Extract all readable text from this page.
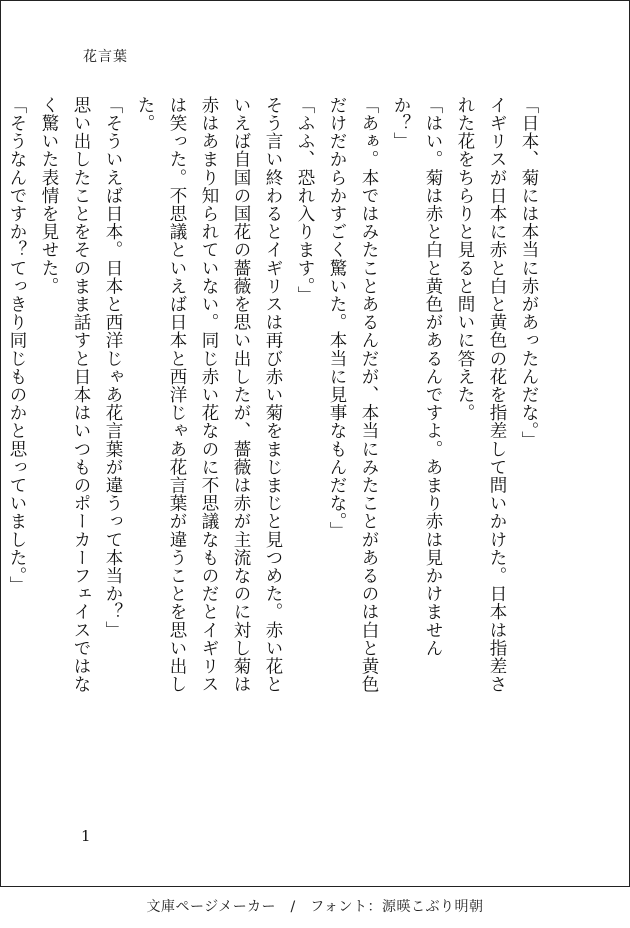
花言葉
「日本、菊には本当に赤があったんだな。」
イギリスが日本に赤と白と黄色の花を指差して問いかけた。日本は指差された花をちらりと見ると問いに答えた。
「はい。菊は赤と白と黄色があるんですよ。あまり赤は見かけませんか？」
「あぁ。本ではみたことあるんだが、本当にみたことがあるのは白と黄色だけだからかすごく驚いた。本当に見事なもんだな。」
「ふふ、恐れ入ります。」
そう言い終わるとイギリスは再び赤い菊をまじまじと見つめた。赤い花といえば自国の国花の薔薇を思い出したが、薔薇は赤が主流なのに対し菊は赤はあまり知られていない。同じ赤い花なのに不思議なものだとイギリスは笑った。不思議といえば日本と西洋じゃあ花言葉が違うことを思い出した。
「そういえば日本。日本と西洋じゃあ花言葉が違うって本当か？」
思い出したことをそのまま話すと日本はいつものポーカーフェイスではなく驚いた表情を見せた。
「そうなんですか？てっきり同じものかと思っていました。」
1
文庫ページメーカー　/　フォント：源暎こぶり明朝
